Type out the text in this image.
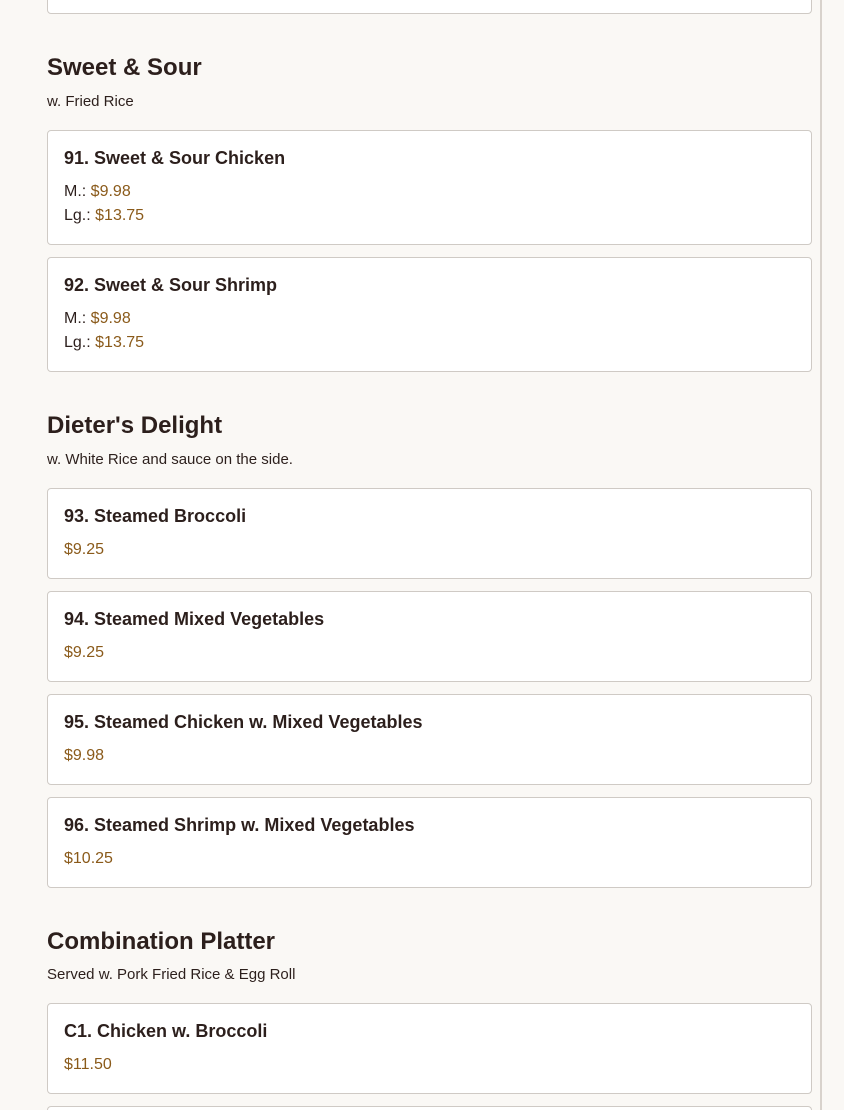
Sweet & Sour
w. Fried Rice
91. Sweet & Sour Chicken
M.: $9.98
Lg.: $13.75
92. Sweet & Sour Shrimp
M.: $9.98
Lg.: $13.75
Dieter's Delight
w. White Rice and sauce on the side.
93. Steamed Broccoli
$9.25
94. Steamed Mixed Vegetables
$9.25
95. Steamed Chicken w. Mixed Vegetables
$9.98
96. Steamed Shrimp w. Mixed Vegetables
$10.25
Combination Platter
Served w. Pork Fried Rice & Egg Roll
C1. Chicken w. Broccoli
$11.50
